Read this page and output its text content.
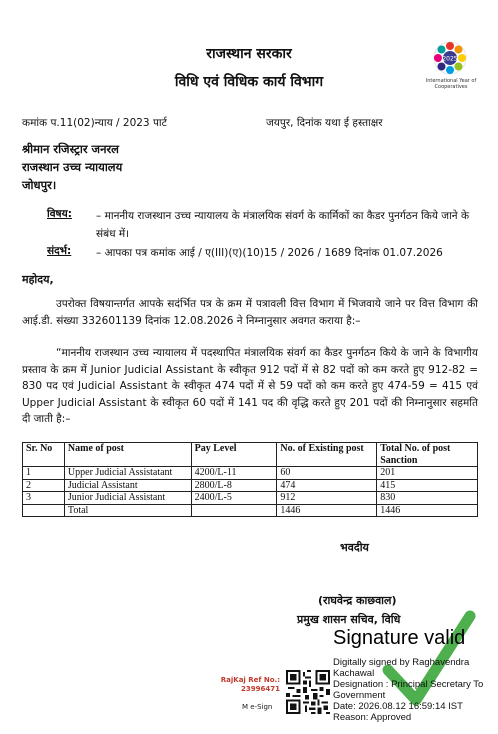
राजस्थान सरकार
विधि एवं विधिक कार्य विभाग
2025
International Year of Cooperatives
कमांक प.11(02)न्याय / 2023 पार्ट	जयपुर, दिनांक यथा ई हस्ताक्षर
श्रीमान रजिस्ट्रार जनरल
राजस्थान उच्च न्यायालय
जोधपुर।
विषय: – माननीय राजस्थान उच्च न्यायालय के मंत्रालयिक संवर्ग के कार्मिकों का कैडर पुनर्गठन किये जाने के संबंध में।
संदर्भ: – आपका पत्र कमांक आई / ए(III)(ए)(10)15 / 2026 / 1689 दिनांक 01.07.2026
महोदय,
उपरोक्त विषयान्तर्गत आपके सदंर्भित पत्र के क्रम में पत्रावली वित्त विभाग में भिजवाये जाने पर वित्त विभाग की आई.डी. संख्या 332601139 दिनांक 12.08.2026 ने निम्नानुसार अवगत कराया है:–
“माननीय राजस्थान उच्च न्यायालय में पदस्थापित मंत्रालयिक संवर्ग का कैडर पुनर्गठन किये के जाने के विभागीय प्रस्ताव के क्रम में Junior Judicial Assistant के स्वीकृत 912 पदों में से 82 पदों को कम करते हुए 912-82 = 830 पद एवं Judicial Assistant के स्वीकृत 474 पदों में से 59 पदों को कम करते हुए 474-59 = 415 एवं Upper Judicial Assistant के स्वीकृत 60 पदों में 141 पद की वृद्धि करते हुए 201 पदों की निम्नानुसार सहमति दी जाती है:–
Sr. No	Name of post	Pay Level	No. of Existing post	Total No. of post Sanction
1	Upper Judicial Assistatant	4200/L-11	60	201
2	Judicial Assistant	2800/L-8	474	415
3	Junior Judicial Assistant	2400/L-5	912	830
	Total		1446	1446
भवदीय
(राघवेन्द्र काछवाल)
प्रमुख शासन सचिव, विधि
Signature valid
Digitally signed by Raghavendra
Kachawal
Designation : Principal Secretary To
Government
Date: 2026.08.12 16:59:14 IST
Reason: Approved
RajKaj Ref No.:
23996471
M e-Sign
